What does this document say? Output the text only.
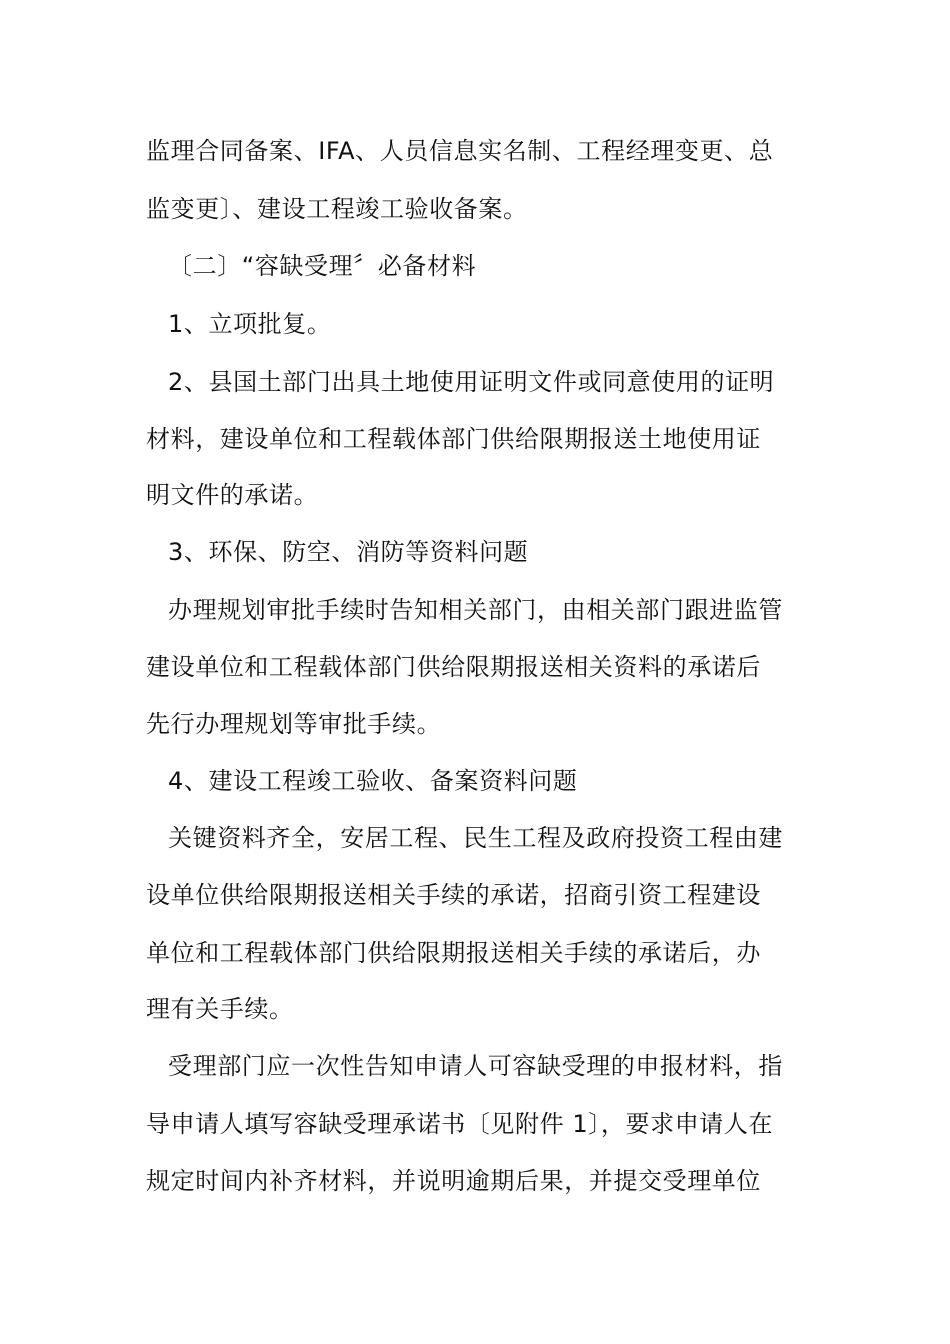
监理合同备案、IFA、人员信息实名制、工程经理变更、总
监变更〕、建设工程竣工验收备案。
〔二〕“容缺受理〞必备材料
1、立项批复。
2、县国土部门出具土地使用证明文件或同意使用的证明
材料，建设单位和工程载体部门供给限期报送土地使用证
明文件的承诺。
3、环保、防空、消防等资料问题
办理规划审批手续时告知相关部门，由相关部门跟进监管
建设单位和工程载体部门供给限期报送相关资料的承诺后
先行办理规划等审批手续。
4、建设工程竣工验收、备案资料问题
关键资料齐全，安居工程、民生工程及政府投资工程由建
设单位供给限期报送相关手续的承诺，招商引资工程建设
单位和工程载体部门供给限期报送相关手续的承诺后，办
理有关手续。
受理部门应一次性告知申请人可容缺受理的申报材料，指
导申请人填写容缺受理承诺书〔见附件 1〕，要求申请人在
规定时间内补齐材料，并说明逾期后果，并提交受理单位
